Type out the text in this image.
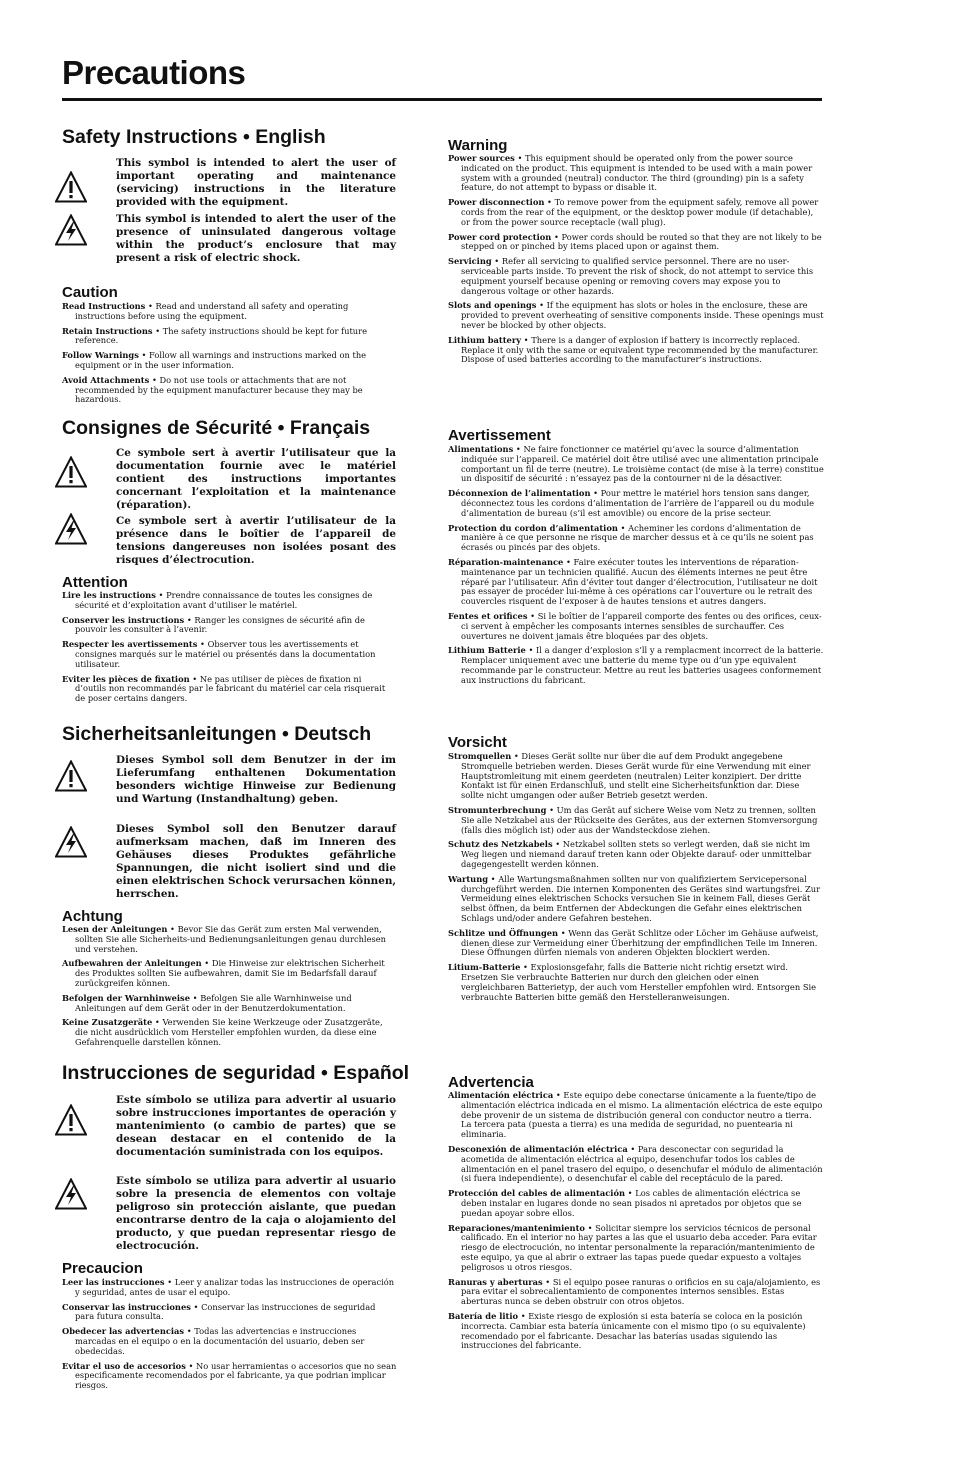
Precautions
Safety Instructions • English
This symbol is intended to alert the user of important operating and maintenance (servicing) instructions in the literature provided with the equipment.
This symbol is intended to alert the user of the presence of uninsulated dangerous voltage within the product’s enclosure that may present a risk of electric shock.
Caution

Read Instructions • Read and understand all safety and operating instructions before using the equipment.

Retain Instructions • The safety instructions should be kept for future reference.

Follow Warnings • Follow all warnings and instructions marked on the equipment or in the user information.

Avoid Attachments • Do not use tools or attachments that are not recommended by the equipment manufacturer because they may be hazardous.

Consignes de Sécurité • Français
Ce symbole sert à avertir l’utilisateur que la documentation fournie avec le matériel contient des instructions importantes concernant l’exploitation et la maintenance (réparation).
Ce symbole sert à avertir l’utilisateur de la présence dans le boîtier de l’appareil de tensions dangereuses non isolées posant des risques d’électrocution.
Attention

Lire les instructions • Prendre connaissance de toutes les consignes de sécurité et d’exploitation avant d’utiliser le matériel.

Conserver les instructions • Ranger les consignes de sécurité afin de pouvoir les consulter à l’avenir.

Respecter les avertissements • Observer tous les avertissements et consignes marqués sur le matériel ou présentés dans la documentation utilisateur.

Eviter les pièces de fixation • Ne pas utiliser de pièces de fixation ni d’outils non recommandés par le fabricant du matériel car cela risquerait de poser certains dangers.

Sicherheitsanleitungen • Deutsch
Dieses Symbol soll dem Benutzer in der im Lieferumfang enthaltenen Dokumentation besonders wichtige Hinweise zur Bedienung und Wartung (Instandhaltung) geben.
Dieses Symbol soll den Benutzer darauf aufmerksam machen, daß im Inneren des Gehäuses dieses Produktes gefährliche Spannungen, die nicht isoliert sind und die einen elektrischen Schock verursachen können, herrschen.
Achtung

Lesen der Anleitungen • Bevor Sie das Gerät zum ersten Mal verwenden, sollten Sie alle Sicherheits-und Bedienungsanleitungen genau durchlesen und verstehen.

Aufbewahren der Anleitungen • Die Hinweise zur elektrischen Sicherheit des Produktes sollten Sie aufbewahren, damit Sie im Bedarfsfall darauf zurückgreifen können.

Befolgen der Warnhinweise • Befolgen Sie alle Warnhinweise und Anleitungen auf dem Gerät oder in der Benutzerdokumentation.

Keine Zusatzgeräte • Verwenden Sie keine Werkzeuge oder Zusatzgeräte, die nicht ausdrücklich vom Hersteller empfohlen wurden, da diese eine Gefahrenquelle darstellen können.

Instrucciones de seguridad • Español
Este símbolo se utiliza para advertir al usuario sobre instrucciones importantes de operación y mantenimiento (o cambio de partes) que se desean destacar en el contenido de la documentación suministrada con los equipos.
Este símbolo se utiliza para advertir al usuario sobre la presencia de elementos con voltaje peligroso sin protección aislante, que puedan encontrarse dentro de la caja o alojamiento del producto, y que puedan representar riesgo de electrocución.
Precaucion

Leer las instrucciones • Leer y analizar todas las instrucciones de operación y seguridad, antes de usar el equipo.

Conservar las instrucciones • Conservar las instrucciones de seguridad para futura consulta.

Obedecer las advertencias • Todas las advertencias e instrucciones marcadas en el equipo o en la documentación del usuario, deben ser obedecidas.

Evitar el uso de accesorios • No usar herramientas o accesorios que no sean especificamente recomendados por el fabricante, ya que podrian implicar riesgos.

Warning

Power sources • This equipment should be operated only from the power source indicated on the product. This equipment is intended to be used with a main power system with a grounded (neutral) conductor. The third (grounding) pin is a safety feature, do not attempt to bypass or disable it.

Power disconnection • To remove power from the equipment safely, remove all power cords from the rear of the equipment, or the desktop power module (if detachable), or from the power source receptacle (wall plug).

Power cord protection • Power cords should be routed so that they are not likely to be stepped on or pinched by items placed upon or against them.

Servicing • Refer all servicing to qualified service personnel. There are no user-serviceable parts inside. To prevent the risk of shock, do not attempt to service this equipment yourself because opening or removing covers may expose you to dangerous voltage or other hazards.

Slots and openings • If the equipment has slots or holes in the enclosure, these are provided to prevent overheating of sensitive components inside. These openings must never be blocked by other objects.

Lithium battery • There is a danger of explosion if battery is incorrectly replaced. Replace it only with the same or equivalent type recommended by the manufacturer. Dispose of used batteries according to the manufacturer’s instructions.

Avertissement

Alimentations • Ne faire fonctionner ce matériel qu’avec la source d’alimentation indiquée sur l’appareil. Ce matériel doit être utilisé avec une alimentation principale comportant un fil de terre (neutre). Le troisième contact (de mise à la terre) constitue un dispositif de sécurité : n’essayez pas de la contourner ni de la désactiver.

Déconnexion de l’alimentation • Pour mettre le matériel hors tension sans danger, déconnectez tous les cordons d’alimentation de l’arrière de l’appareil ou du module d’alimentation de bureau (s’il est amovible) ou encore de la prise secteur.

Protection du cordon d’alimentation • Acheminer les cordons d’alimentation de manière à ce que personne ne risque de marcher dessus et à ce qu’ils ne soient pas écrasés ou pincés par des objets.

Réparation-maintenance • Faire exécuter toutes les interventions de réparation-maintenance par un technicien qualifié. Aucun des éléments internes ne peut être réparé par l’utilisateur. Afin d’éviter tout danger d’électrocution, l’utilisateur ne doit pas essayer de procéder lui-même à ces opérations car l’ouverture ou le retrait des couvercles risquent de l’exposer à de hautes tensions et autres dangers.

Fentes et orifices • Si le boîtier de l’appareil comporte des fentes ou des orifices, ceux-ci servent à empêcher les composants internes sensibles de surchauffer. Ces ouvertures ne doivent jamais être bloquées par des objets.

Lithium Batterie • Il a danger d’explosion s’ll y a remplacment incorrect de la batterie. Remplacer uniquement avec une batterie du meme type ou d’un ype equivalent recommande par le constructeur. Mettre au reut les batteries usagees conformement aux instructions du fabricant.

Vorsicht

Stromquellen • Dieses Gerät sollte nur über die auf dem Produkt angegebene Stromquelle betrieben werden. Dieses Gerät wurde für eine Verwendung mit einer Hauptstromleitung mit einem geerdeten (neutralen) Leiter konzipiert. Der dritte Kontakt ist für einen Erdanschluß, und stellt eine Sicherheitsfunktion dar. Diese sollte nicht umgangen oder außer Betrieb gesetzt werden.

Stromunterbrechung • Um das Gerät auf sichere Weise vom Netz zu trennen, sollten Sie alle Netzkabel aus der Rückseite des Gerätes, aus der externen Stomversorgung (falls dies möglich ist) oder aus der Wandsteckdose ziehen.

Schutz des Netzkabels • Netzkabel sollten stets so verlegt werden, daß sie nicht im Weg liegen und niemand darauf treten kann oder Objekte darauf- oder unmittelbar dagegengestellt werden können.

Wartung • Alle Wartungsmaßnahmen sollten nur von qualifiziertem Servicepersonal durchgeführt werden. Die internen Komponenten des Gerätes sind wartungsfrei. Zur Vermeidung eines elektrischen Schocks versuchen Sie in keinem Fall, dieses Gerät selbst öffnen, da beim Entfernen der Abdeckungen die Gefahr eines elektrischen Schlags und/oder andere Gefahren bestehen.

Schlitze und Öffnungen • Wenn das Gerät Schlitze oder Löcher im Gehäuse aufweist, dienen diese zur Vermeidung einer Überhitzung der empfindlichen Teile im Inneren. Diese Öffnungen dürfen niemals von anderen Objekten blockiert werden.

Litium-Batterie • Explosionsgefahr, falls die Batterie nicht richtig ersetzt wird. Ersetzen Sie verbrauchte Batterien nur durch den gleichen oder einen vergleichbaren Batterietyp, der auch vom Hersteller empfohlen wird. Entsorgen Sie verbrauchte Batterien bitte gemäß den Herstelleranweisungen.

Advertencia

Alimentación eléctrica • Este equipo debe conectarse únicamente a la fuente/tipo de alimentación eléctrica indicada en el mismo. La alimentación eléctrica de este equipo debe provenir de un sistema de distribución general con conductor neutro a tierra. La tercera pata (puesta a tierra) es una medida de seguridad, no puentearia ni eliminaria.

Desconexión de alimentación eléctrica • Para desconectar con seguridad la acometida de alimentación eléctrica al equipo, desenchufar todos los cables de alimentación en el panel trasero del equipo, o desenchufar el módulo de alimentación (si fuera independiente), o desenchufar el cable del receptáculo de la pared.

Protección del cables de alimentación • Los cables de alimentación eléctrica se deben instalar en lugares donde no sean pisados ni apretados por objetos que se puedan apoyar sobre ellos.

Reparaciones/mantenimiento • Solicitar siempre los servicios técnicos de personal calificado. En el interior no hay partes a las que el usuario deba acceder. Para evitar riesgo de electrocución, no intentar personalmente la reparación/mantenimiento de este equipo, ya que al abrir o extraer las tapas puede quedar expuesto a voltajes peligrosos u otros riesgos.

Ranuras y aberturas • Si el equipo posee ranuras o orificios en su caja/alojamiento, es para evitar el sobrecalientamiento de componentes internos sensibles. Estas aberturas nunca se deben obstruir con otros objetos.

Batería de litio • Existe riesgo de explosión si esta batería se coloca en la posición incorrecta. Cambiar esta batería únicamente con el mismo tipo (o su equivalente) recomendado por el fabricante. Desachar las baterías usadas siguiendo las instrucciones del fabricante.
